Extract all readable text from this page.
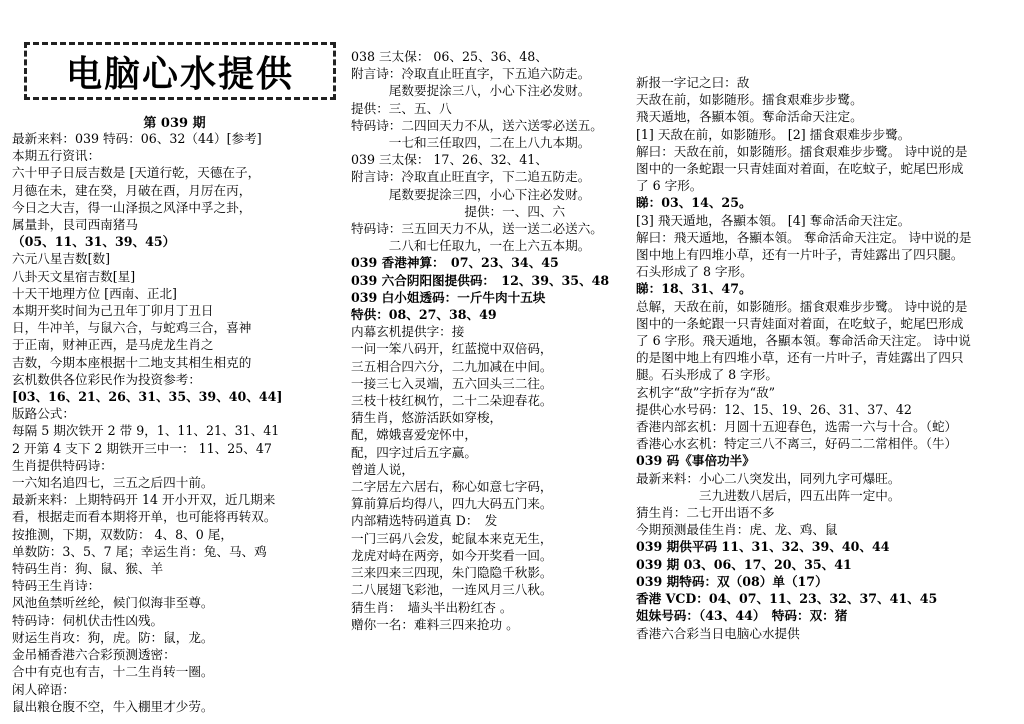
电脑心水提供
第 039 期
最新来料：039 特码：06、32（44）[参考]
本期五行资讯：
六十甲子日辰吉数是 [天道行乾，天德在子，
月德在未，建在癸，月破在酉，月厉在丙，
今日之大吉，得一山泽损之风泽中孚之卦，
属量卦，艮司西南猪马
（05、11、31、39、45）
六元八星吉数[数]
八卦天文星宿吉数[星]
十天干地理方位 [西南、正北]
本期开奖时间为己丑年丁卯月丁丑日
日，牛冲羊，与鼠六合，与蛇鸡三合，喜神
于正南，财神正西，是马虎龙生肖之
吉数，今期本座根据十二地支其相生相克的
玄机数供各位彩民作为投资参考：
[03、16、21、26、31、35、39、40、44]
版路公式：
每隔 5 期次铁开 2 带 9，1、11、21、31、41
2 开第 4 支下 2 期铁开三中一： 11、25、47
生肖提供特码诗：
一六知名追四七，三五之后四十前。
最新来料：上期特码开 14 开小开双，近几期来
看，根据走而看本期将开单，也可能将再转双。
按推测，下期，双数防： 4、8、0 尾，
单数防：3、5、7 尾；幸运生肖：兔、马、鸡
特码生肖：狗、鼠、猴、羊
特码王生肖诗：
风池鱼禁听丝纶，候门似海非至尊。
特码诗：伺机伏击性凶残。
财运生肖攻：狗，虎。防：鼠，龙。
金吊桶香港六合彩预测透密：
合中有克也有吉，十二生肖转一圈。
闲人碎语：
鼠出粮仓腹不空，牛入棚里才少劳。
038 三太保： 06、25、36、48、
附言诗：冷取直止旺直字，下五追六防走。
　　　尾数要捉涂三八，小心下注必发财。
提供：三、五、八
特码诗：二四回天力不从，送六送零必送五。
　　　一七和三任取四，二在上八九本期。
039 三太保： 17、26、32、41、
附言诗：冷取直止旺直字，下二追五防走。
　　　尾数要捉涂三四，小心下注必发财。
　　　　　　　　　提供：一、四、六
特码诗：三五回天力不从，送一送二必送六。
　　　二八和七任取九，一在上六五本期。
039 香港神算：　07、23、34、45
039 六合阴阳图提供码：　12、39、35、48
039 白小姐透码：一斤牛肉十五块
特供：08、27、38、49
内幕玄机提供字：接
一问一笨八码开，红蓝搅中双倍码，
三五相合四六分，二九加减在中间。
一接三七入灵端，五六回头三二往。
三枝十枝红枫竹，二十二朵迎春花。
猜生肖，悠游活跃如穿梭，
配，嫦娥喜爱宠怀中，
配，四字过后五字赢。
曾道人说，
二字居左六居右，称心如意七字码，
算前算后均得八，四九大码五门来。
内部精选特码道真 D：　发
一门三码八会发，蛇鼠本来克无生，
龙虎对峙在两旁，如今开奖看一回。
三来四来三四现，朱门隐隐千秋影。
二八展翅飞彩池，一连风月三八秋。
猜生肖：　墙头半出粉红杏 。
赠你一名：难料三四来抢功 。
新报一字记之曰：敌
天敌在前，如影随形。擂食艰难步步鹭。
飛天遁地，各顯本領。奪命活命天注定。
[1] 天敌在前，如影随形。 [2] 擂食艰难步步鹭。
解曰：天敌在前，如影随形。擂食艰难步步鹭。 诗中说的是
图中的一条蛇跟一只青娃面对着面，在吃蚊子，蛇尾巴形成
了 6 字形。
睇：03、14、25。
[3] 飛天遁地，各顯本領。 [4] 奪命活命天注定。
解曰：飛天遁地，各顯本領。 奪命活命天注定。 诗中说的是
图中地上有四堆小草，还有一片叶子，青娃露出了四只腿。
石头形成了 8 字形。
睇：18、31、47。
总解，天敌在前，如影随形。擂食艰难步步鹭。 诗中说的是
图中的一条蛇跟一只青娃面对着面，在吃蚊子，蛇尾巴形成
了 6 字形。飛天遁地，各顯本領。奪命活命天注定。 诗中说
的是图中地上有四堆小草，还有一片叶子，青娃露出了四只
腿。石头形成了 8 字形。
玄机字“敌”字折存为“敌”
提供心水号码：12、15、19、26、31、37、42
香港内部玄机：月圆十五迎春色，选需一六与十合。（蛇）
香港心水玄机：特定三八不离三，好码二二常相伴。（牛）
039 码《事倍功半》
最新来料：小心二八突发出，同列九字可爆旺。
　　　　　三九进数八居后，四五出阵一定中。
猜生肖：二七开出语不多
今期预测最佳生肖：虎、龙、鸡、鼠
039 期供平码 11、31、32、39、40、44
039 期 03、06、17、20、35、41
039 期特码：双（08）单（17）
香港 VCD：04、07、11、23、32、37、41、45
姐妹号码：（43、44）　特码：双：猪
香港六合彩当日电脑心水提供
